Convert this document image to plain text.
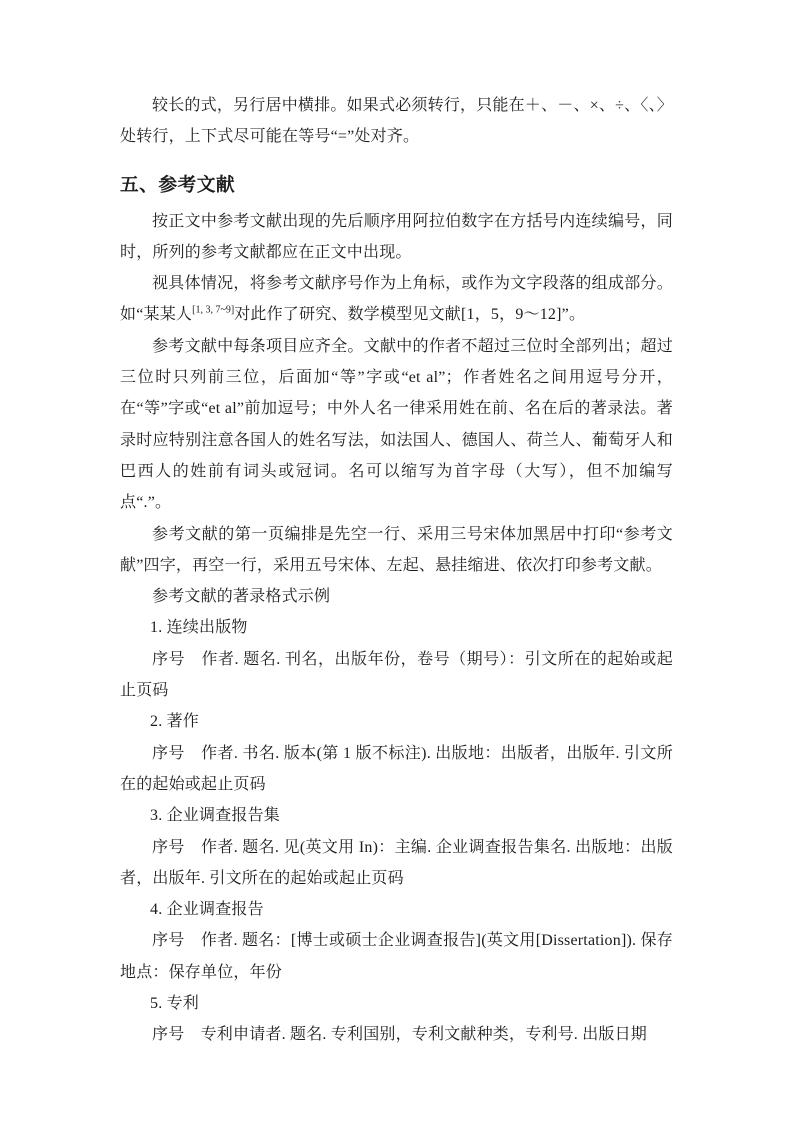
较长的式，另行居中横排。如果式必须转行，只能在＋、－、×、÷、〈、〉处转行，上下式尽可能在等号“=”处对齐。

五、参考文献

按正文中参考文献出现的先后顺序用阿拉伯数字在方括号内连续编号，同时，所列的参考文献都应在正文中出现。

视具体情况，将参考文献序号作为上角标，或作为文字段落的组成部分。如“某某人[1, 3, 7~9]对此作了研究、数学模型见文献[1，5，9～12]”。

参考文献中每条项目应齐全。文献中的作者不超过三位时全部列出；超过三位时只列前三位，后面加“等”字或“et al”；作者姓名之间用逗号分开，在“等”字或“et al”前加逗号；中外人名一律采用姓在前、名在后的著录法。著录时应特别注意各国人的姓名写法，如法国人、德国人、荷兰人、葡萄牙人和巴西人的姓前有词头或冠词。名可以缩写为首字母（大写），但不加编写点“.”。

参考文献的第一页编排是先空一行、采用三号宋体加黑居中打印“参考文献”四字，再空一行，采用五号宋体、左起、悬挂缩进、依次打印参考文献。

参考文献的著录格式示例

1. 连续出版物

序号　作者. 题名. 刊名，出版年份，卷号（期号）：引文所在的起始或起止页码

2. 著作

序号　作者. 书名. 版本(第 1 版不标注). 出版地：出版者，出版年. 引文所在的起始或起止页码

3. 企业调查报告集

序号　作者. 题名. 见(英文用 In)：主编. 企业调查报告集名. 出版地：出版者，出版年. 引文所在的起始或起止页码

4. 企业调查报告

序号　作者. 题名：[博士或硕士企业调查报告](英文用[Dissertation]). 保存地点：保存单位，年份

5. 专利

序号　专利申请者. 题名. 专利国别，专利文献种类，专利号. 出版日期
